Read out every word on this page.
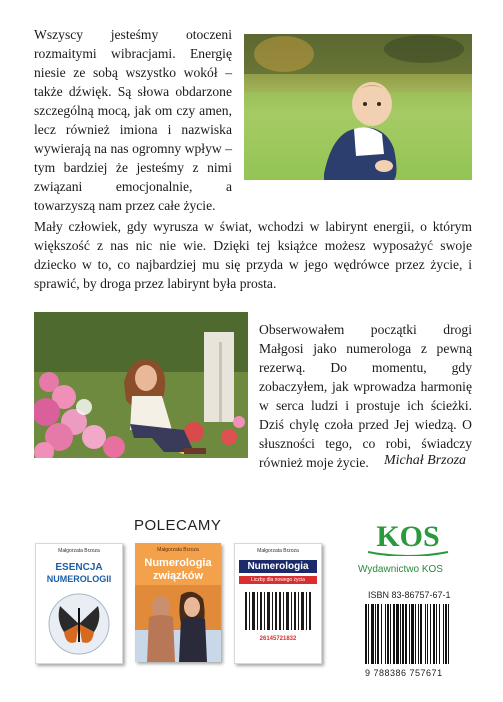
Wszyscy jesteśmy otoczeni rozmaitymi wibracjami. Energię niesie ze sobą wszystko wokół – także dźwięk. Są słowa obdarzone szczególną mocą, jak om czy amen, lecz również imiona i nazwiska wywierają na nas ogromny wpływ – tym bardziej że jesteśmy z nimi związani emocjonalnie, a towarzyszą nam przez całe życie.
Mały człowiek, gdy wyrusza w świat, wchodzi w labirynt energii, o którym większość z nas nic nie wie. Dzięki tej książce możesz wyposażyć swoje dziecko w to, co najbardziej mu się przyda w jego wędrówce przez życie, i sprawić, by droga przez labirynt była prosta.
Obserwowałem początki drogi Małgosi jako numerologa z pewną rezerwą. Do momentu, gdy zobaczyłem, jak wprowadza harmonię w serca ludzi i prostuje ich ścieżki. Dziś chylę czoła przed Jej wiedzą. O słuszności tego, co robi, świadczy również moje życie.	Michał Brzoza
POLECAMY
Małgorzata Brzoza
ESENCJA
NUMEROLOGII
Małgorzata Brzoza
Numerologia
związków
Małgorzata Brzoza
Numerologia
Liczby dla nowego życia
26145721832
KOS
Wydawnictwo KOS
ISBN 83-86757-67-1
9 788386 757671
